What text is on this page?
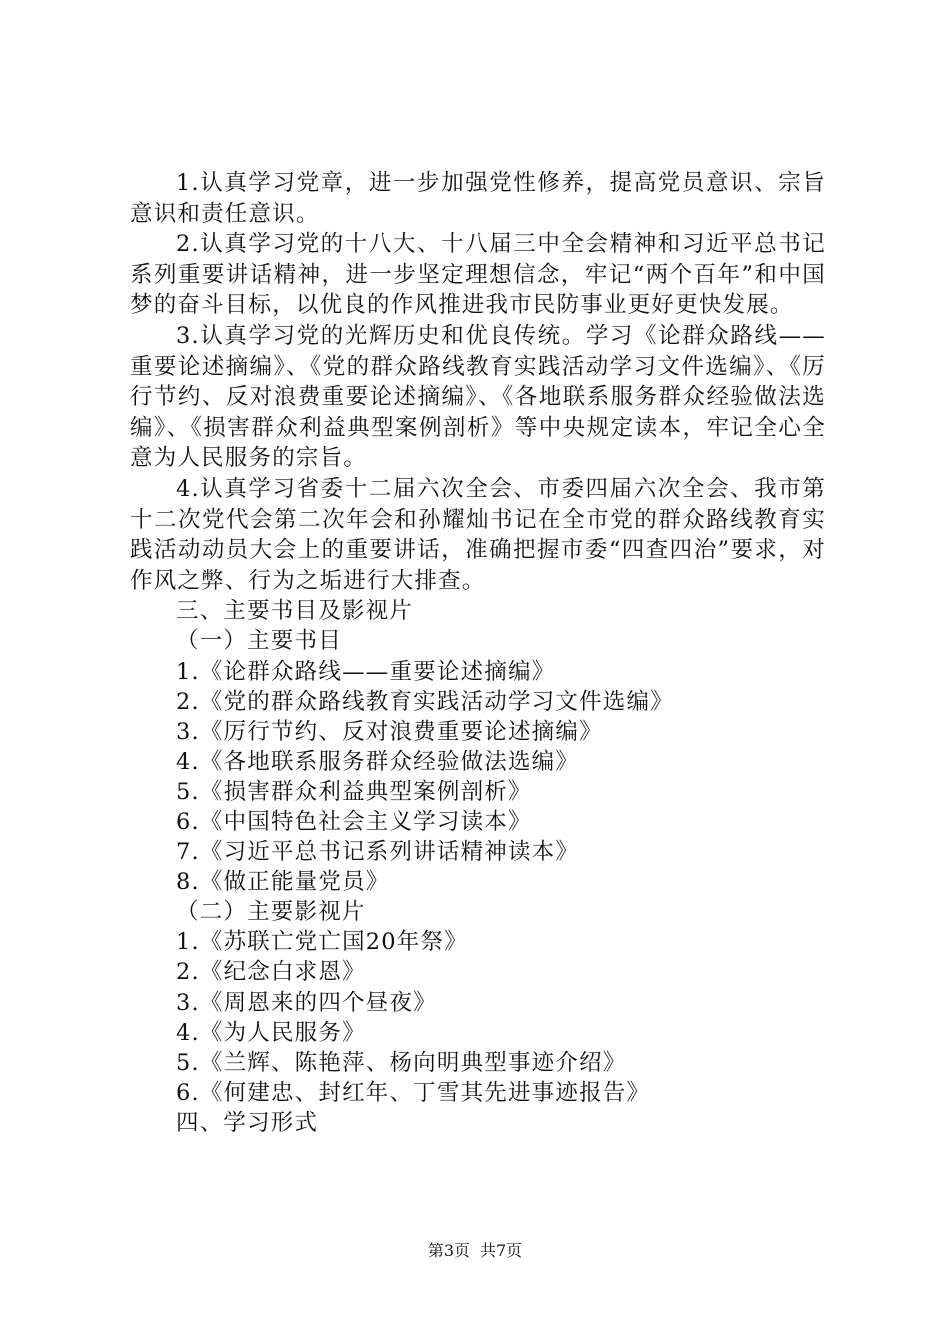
1.认真学习党章，进一步加强党性修养，提高党员意识、宗旨意识和责任意识。

2.认真学习党的十八大、十八届三中全会精神和习近平总书记系列重要讲话精神，进一步坚定理想信念，牢记“两个百年”和中国梦的奋斗目标，以优良的作风推进我市民防事业更好更快发展。

3.认真学习党的光辉历史和优良传统。学习《论群众路线——重要论述摘编》、《党的群众路线教育实践活动学习文件选编》、《厉行节约、反对浪费重要论述摘编》、《各地联系服务群众经验做法选编》、《损害群众利益典型案例剖析》等中央规定读本，牢记全心全意为人民服务的宗旨。

4.认真学习省委十二届六次全会、市委四届六次全会、我市第十二次党代会第二次年会和孙耀灿书记在全市党的群众路线教育实践活动动员大会上的重要讲话，准确把握市委“四查四治”要求，对作风之弊、行为之垢进行大排查。

三、主要书目及影视片

（一）主要书目

1.《论群众路线——重要论述摘编》
2.《党的群众路线教育实践活动学习文件选编》
3.《厉行节约、反对浪费重要论述摘编》
4.《各地联系服务群众经验做法选编》
5.《损害群众利益典型案例剖析》
6.《中国特色社会主义学习读本》
7.《习近平总书记系列讲话精神读本》
8.《做正能量党员》

（二）主要影视片

1.《苏联亡党亡国20年祭》
2.《纪念白求恩》
3.《周恩来的四个昼夜》
4.《为人民服务》
5.《兰辉、陈艳萍、杨向明典型事迹介绍》
6.《何建忠、封红年、丁雪其先进事迹报告》

四、学习形式

第3页 共7页
